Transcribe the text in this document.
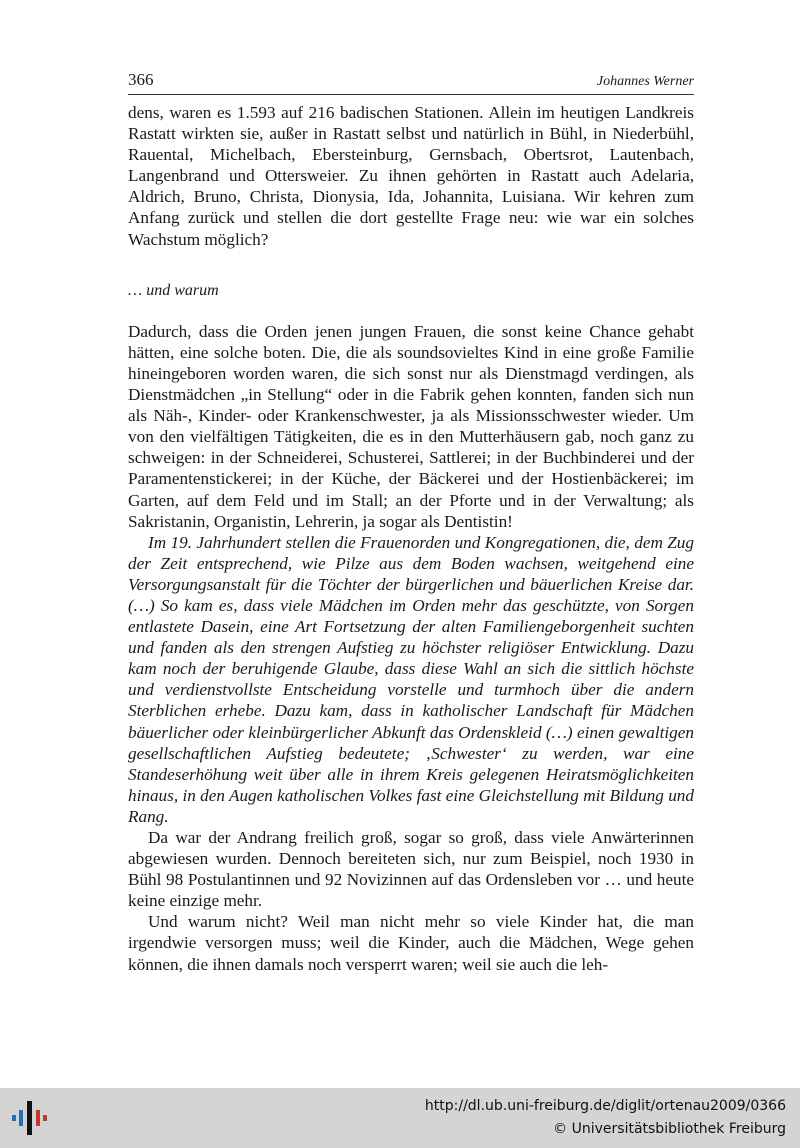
366	Johannes Werner

dens, waren es 1.593 auf 216 badischen Stationen. Allein im heutigen Landkreis Rastatt wirkten sie, außer in Rastatt selbst und natürlich in Bühl, in Niederbühl, Rauental, Michelbach, Ebersteinburg, Gernsbach, Obertsrot, Lautenbach, Langenbrand und Ottersweier. Zu ihnen gehörten in Rastatt auch Adelaria, Aldrich, Bruno, Christa, Dionysia, Ida, Johannita, Luisiana. Wir kehren zum Anfang zurück und stellen die dort gestellte Frage neu: wie war ein solches Wachstum möglich?

… und warum

Dadurch, dass die Orden jenen jungen Frauen, die sonst keine Chance gehabt hätten, eine solche boten. Die, die als soundsovieltes Kind in eine große Familie hineingeboren worden waren, die sich sonst nur als Dienstmagd verdingen, als Dienstmädchen „in Stellung“ oder in die Fabrik gehen konnten, fanden sich nun als Näh-, Kinder- oder Krankenschwester, ja als Missionsschwester wieder. Um von den vielfältigen Tätigkeiten, die es in den Mutterhäusern gab, noch ganz zu schweigen: in der Schneiderei, Schusterei, Sattlerei; in der Buchbinderei und der Paramentenstickerei; in der Küche, der Bäckerei und der Hostienbäckerei; im Garten, auf dem Feld und im Stall; an der Pforte und in der Verwaltung; als Sakristanin, Organistin, Lehrerin, ja sogar als Dentistin!

Im 19. Jahrhundert stellen die Frauenorden und Kongregationen, die, dem Zug der Zeit entsprechend, wie Pilze aus dem Boden wachsen, weitgehend eine Versorgungsanstalt für die Töchter der bürgerlichen und bäuerlichen Kreise dar. (…) So kam es, dass viele Mädchen im Orden mehr das geschützte, von Sorgen entlastete Dasein, eine Art Fortsetzung der alten Familiengeborgenheit suchten und fanden als den strengen Aufstieg zu höchster religiöser Entwicklung. Dazu kam noch der beruhigende Glaube, dass diese Wahl an sich die sittlich höchste und verdienstvollste Entscheidung vorstelle und turmhoch über die andern Sterblichen erhebe. Dazu kam, dass in katholischer Landschaft für Mädchen bäuerlicher oder kleinbürgerlicher Abkunft das Ordenskleid (…) einen gewaltigen gesellschaftlichen Aufstieg bedeutete; ‚Schwester‘ zu werden, war eine Standeserhöhung weit über alle in ihrem Kreis gelegenen Heiratsmöglichkeiten hinaus, in den Augen katholischen Volkes fast eine Gleichstellung mit Bildung und Rang.

Da war der Andrang freilich groß, sogar so groß, dass viele Anwärterinnen abgewiesen wurden. Dennoch bereiteten sich, nur zum Beispiel, noch 1930 in Bühl 98 Postulantinnen und 92 Novizinnen auf das Ordensleben vor … und heute keine einzige mehr.

Und warum nicht? Weil man nicht mehr so viele Kinder hat, die man irgendwie versorgen muss; weil die Kinder, auch die Mädchen, Wege gehen können, die ihnen damals noch versperrt waren; weil sie auch die leh-

http://dl.ub.uni-freiburg.de/diglit/ortenau2009/0366
© Universitätsbibliothek Freiburg
